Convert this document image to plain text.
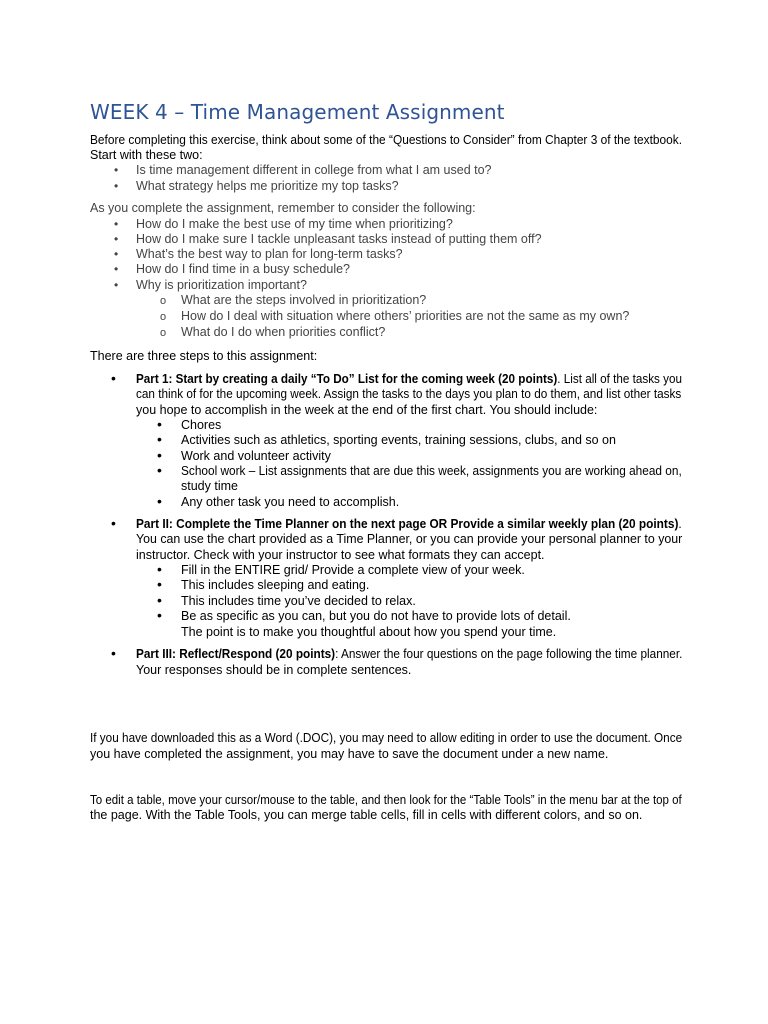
WEEK 4 – Time Management Assignment
Before completing this exercise, think about some of the “Questions to Consider” from Chapter 3 of the textbook.
Start with these two:
• Is time management different in college from what I am used to?
• What strategy helps me prioritize my top tasks?
As you complete the assignment, remember to consider the following:
• How do I make the best use of my time when prioritizing?
• How do I make sure I tackle unpleasant tasks instead of putting them off?
• What’s the best way to plan for long-term tasks?
• How do I find time in a busy schedule?
• Why is prioritization important?
o What are the steps involved in prioritization?
o How do I deal with situation where others’ priorities are not the same as my own?
o What do I do when priorities conflict?
There are three steps to this assignment:
• Part 1: Start by creating a daily “To Do” List for the coming week (20 points). List all of the tasks you
can think of for the upcoming week. Assign the tasks to the days you plan to do them, and list other tasks
you hope to accomplish in the week at the end of the first chart. You should include:
• Chores
• Activities such as athletics, sporting events, training sessions, clubs, and so on
• Work and volunteer activity
• School work – List assignments that are due this week, assignments you are working ahead on,
study time
• Any other task you need to accomplish.
• Part II: Complete the Time Planner on the next page OR Provide a similar weekly plan (20 points).
You can use the chart provided as a Time Planner, or you can provide your personal planner to your
instructor. Check with your instructor to see what formats they can accept.
• Fill in the ENTIRE grid/ Provide a complete view of your week.
• This includes sleeping and eating.
• This includes time you’ve decided to relax.
• Be as specific as you can, but you do not have to provide lots of detail.
The point is to make you thoughtful about how you spend your time.
• Part III: Reflect/Respond (20 points): Answer the four questions on the page following the time planner.
Your responses should be in complete sentences.
If you have downloaded this as a Word (.DOC), you may need to allow editing in order to use the document. Once
you have completed the assignment, you may have to save the document under a new name.
To edit a table, move your cursor/mouse to the table, and then look for the “Table Tools” in the menu bar at the top of
the page. With the Table Tools, you can merge table cells, fill in cells with different colors, and so on.
